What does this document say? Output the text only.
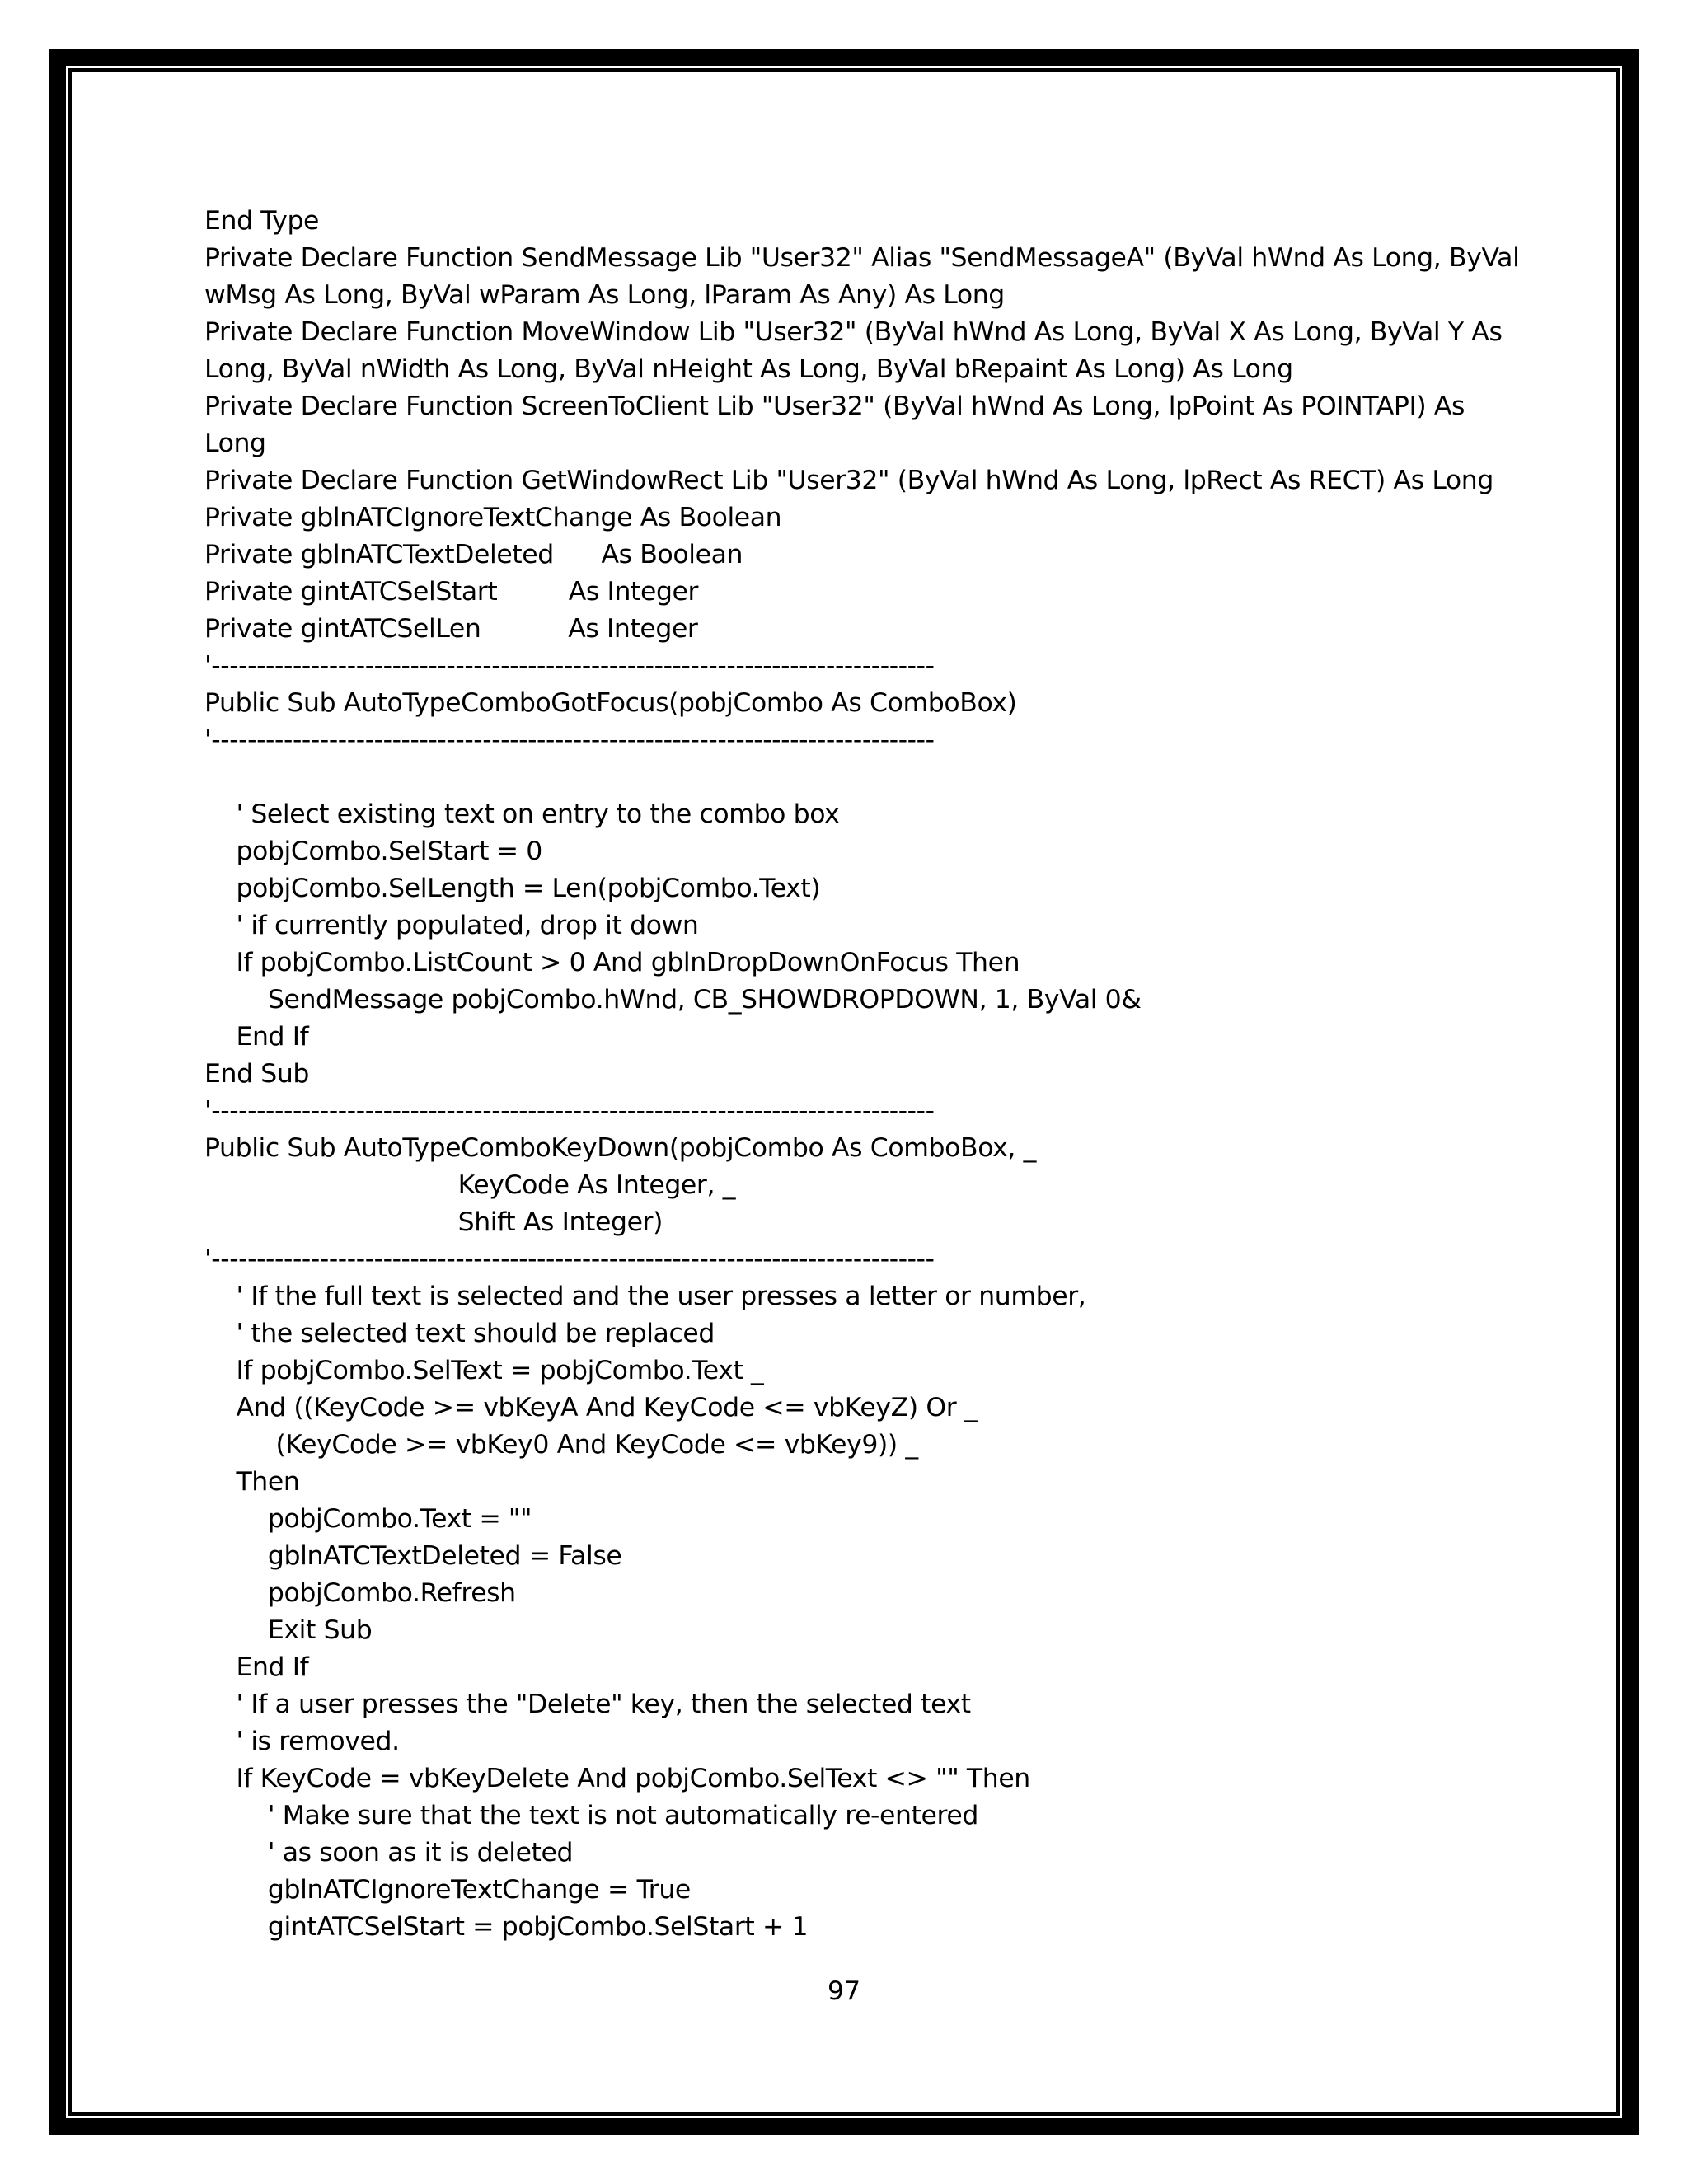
End Type
Private Declare Function SendMessage Lib "User32" Alias "SendMessageA" (ByVal hWnd As Long, ByVal
wMsg As Long, ByVal wParam As Long, lParam As Any) As Long
Private Declare Function MoveWindow Lib "User32" (ByVal hWnd As Long, ByVal X As Long, ByVal Y As
Long, ByVal nWidth As Long, ByVal nHeight As Long, ByVal bRepaint As Long) As Long
Private Declare Function ScreenToClient Lib "User32" (ByVal hWnd As Long, lpPoint As POINTAPI) As
Long
Private Declare Function GetWindowRect Lib "User32" (ByVal hWnd As Long, lpRect As RECT) As Long
Private gblnATCIgnoreTextChange As Boolean
Private gblnATCTextDeleted      As Boolean
Private gintATCSelStart         As Integer
Private gintATCSelLen           As Integer
'--------------------------------------------------------------------------------
Public Sub AutoTypeComboGotFocus(pobjCombo As ComboBox)
'--------------------------------------------------------------------------------
' Select existing text on entry to the combo box
pobjCombo.SelStart = 0
pobjCombo.SelLength = Len(pobjCombo.Text)
' if currently populated, drop it down
If pobjCombo.ListCount > 0 And gblnDropDownOnFocus Then
SendMessage pobjCombo.hWnd, CB_SHOWDROPDOWN, 1, ByVal 0&
End If
End Sub
'--------------------------------------------------------------------------------
Public Sub AutoTypeComboKeyDown(pobjCombo As ComboBox, _
KeyCode As Integer, _
Shift As Integer)
'--------------------------------------------------------------------------------
' If the full text is selected and the user presses a letter or number,
' the selected text should be replaced
If pobjCombo.SelText = pobjCombo.Text _
And ((KeyCode >= vbKeyA And KeyCode <= vbKeyZ) Or _
(KeyCode >= vbKey0 And KeyCode <= vbKey9)) _
Then
pobjCombo.Text = ""
gblnATCTextDeleted = False
pobjCombo.Refresh
Exit Sub
End If
' If a user presses the "Delete" key, then the selected text
' is removed.
If KeyCode = vbKeyDelete And pobjCombo.SelText <> "" Then
' Make sure that the text is not automatically re-entered
' as soon as it is deleted
gblnATCIgnoreTextChange = True
gintATCSelStart = pobjCombo.SelStart + 1
97
